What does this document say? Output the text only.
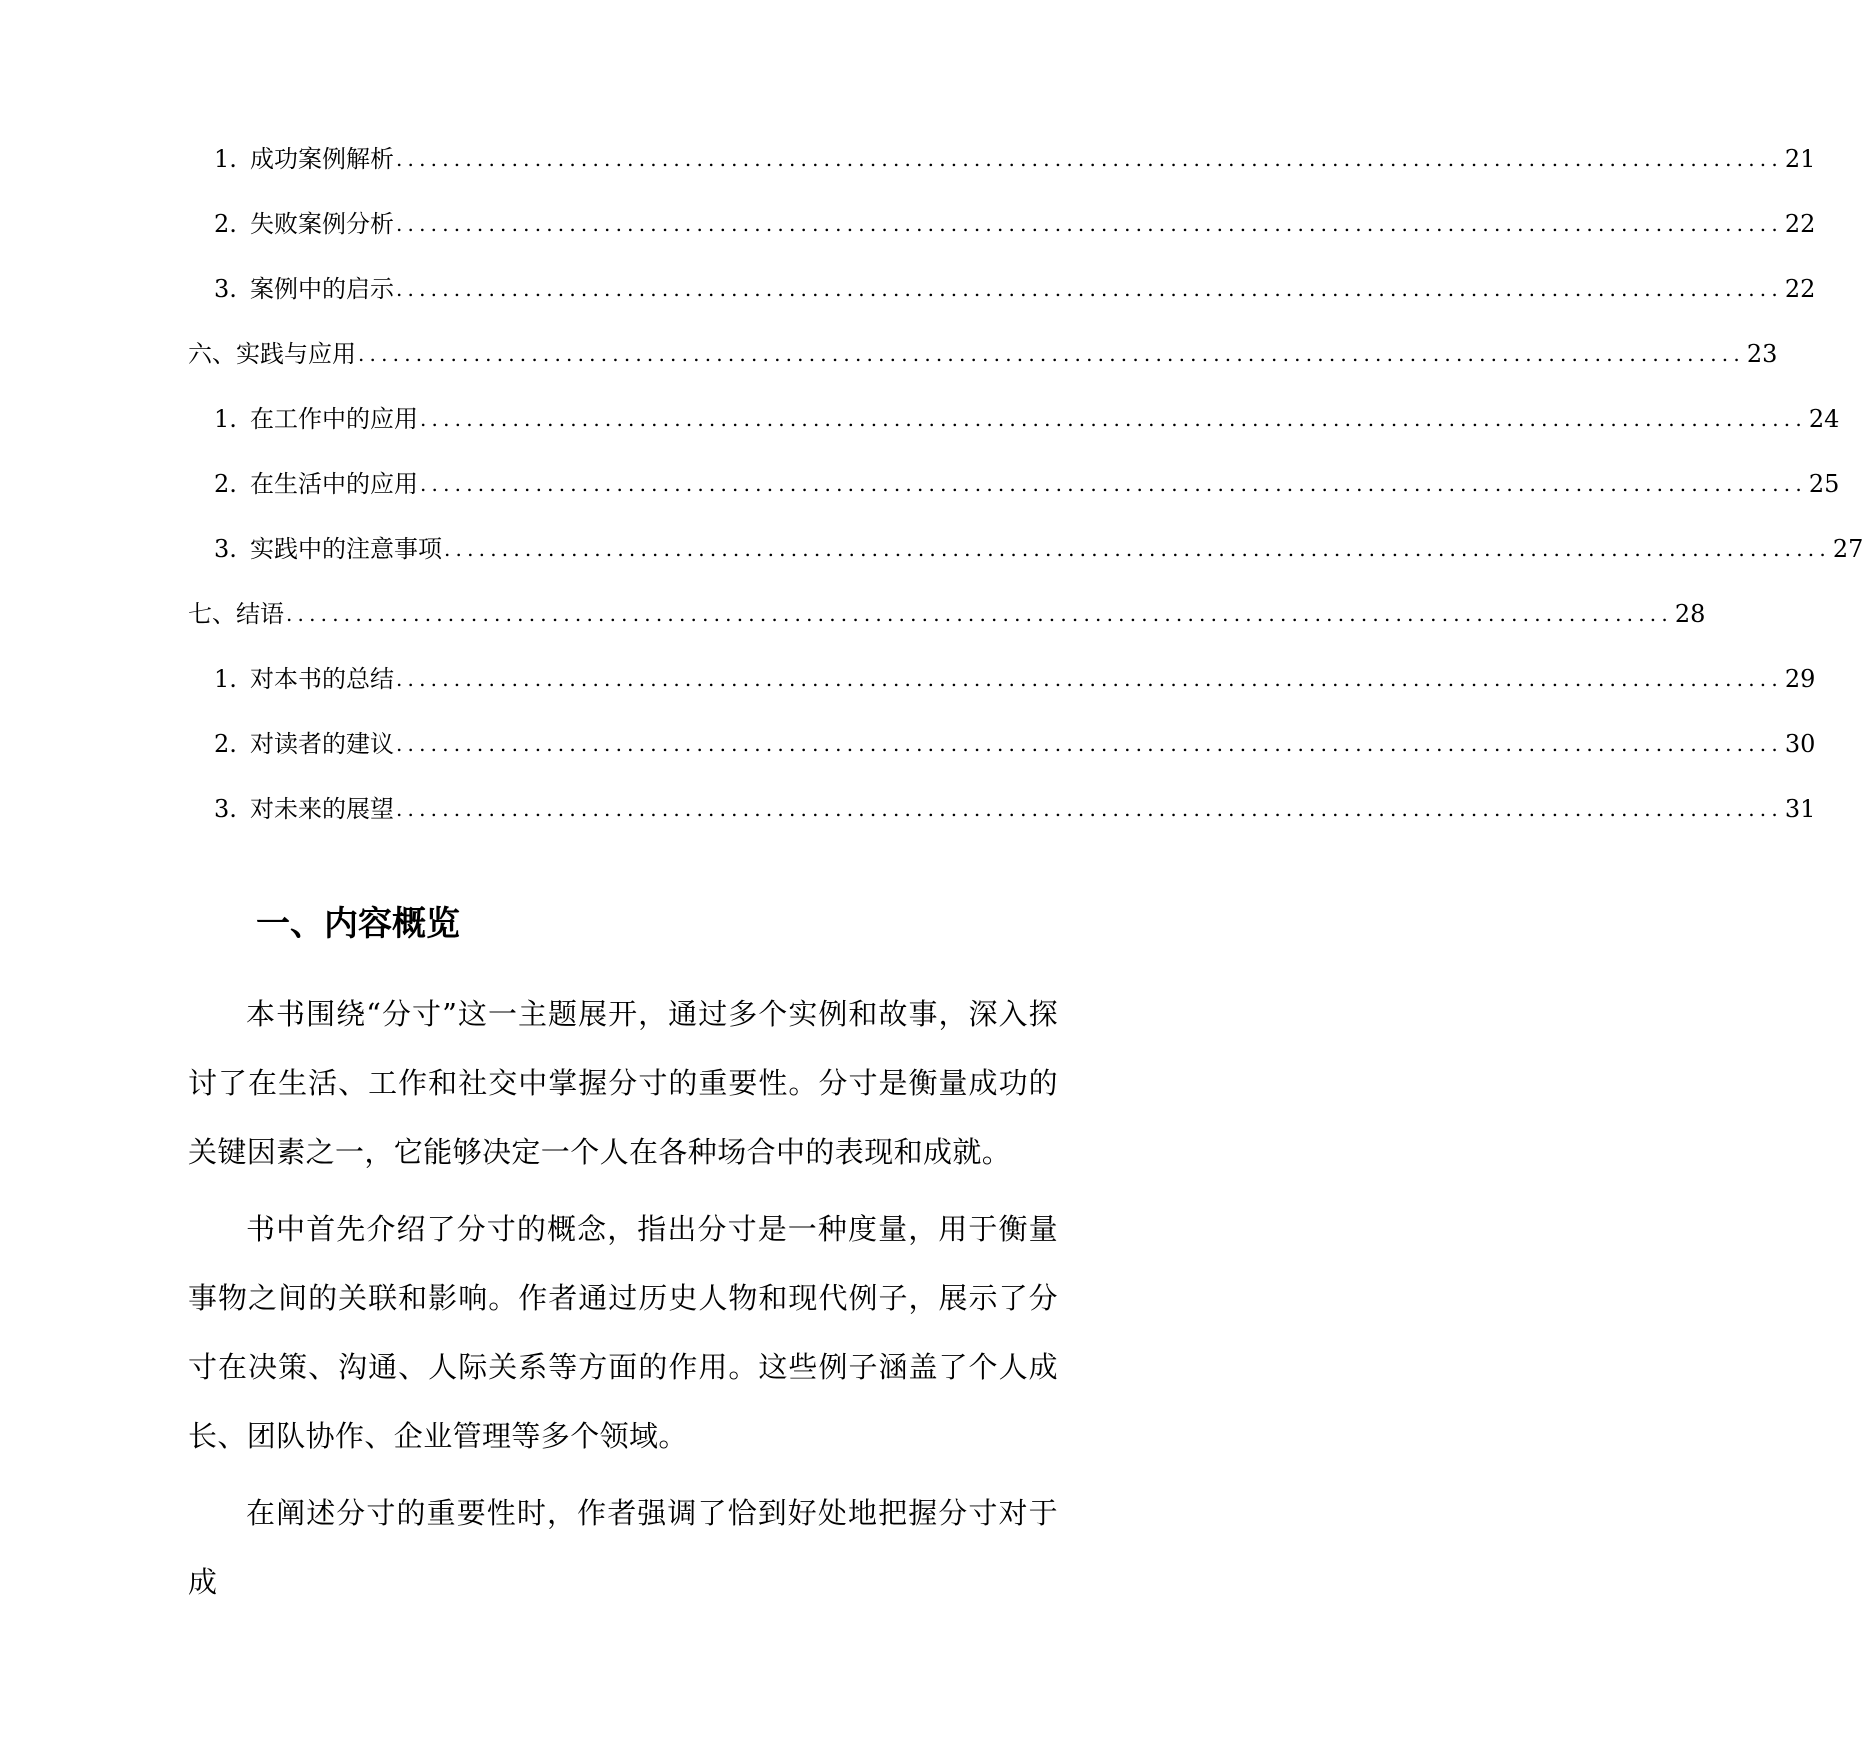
1. 成功案例解析 ........................................................................................................................ 21
2. 失败案例分析 ........................................................................................................................ 22
3. 案例中的启示 ........................................................................................................................ 22
六、实践与应用 ........................................................................................................................ 23
1. 在工作中的应用 ........................................................................................................................ 24
2. 在生活中的应用 ........................................................................................................................ 25
3. 实践中的注意事项 ........................................................................................................................ 27
七、结语 ........................................................................................................................ 28
1. 对本书的总结 ........................................................................................................................ 29
2. 对读者的建议 ........................................................................................................................ 30
3. 对未来的展望 ........................................................................................................................ 31
一、内容概览

本书围绕“分寸”这一主题展开，通过多个实例和故事，深入探讨了在生活、工作和社交中掌握分寸的重要性。分寸是衡量成功的关键因素之一，它能够决定一个人在各种场合中的表现和成就。

书中首先介绍了分寸的概念，指出分寸是一种度量，用于衡量事物之间的关联和影响。作者通过历史人物和现代例子，展示了分寸在决策、沟通、人际关系等方面的作用。这些例子涵盖了个人成长、团队协作、企业管理等多个领域。

在阐述分寸的重要性时，作者强调了恰到好处地把握分寸对于成
